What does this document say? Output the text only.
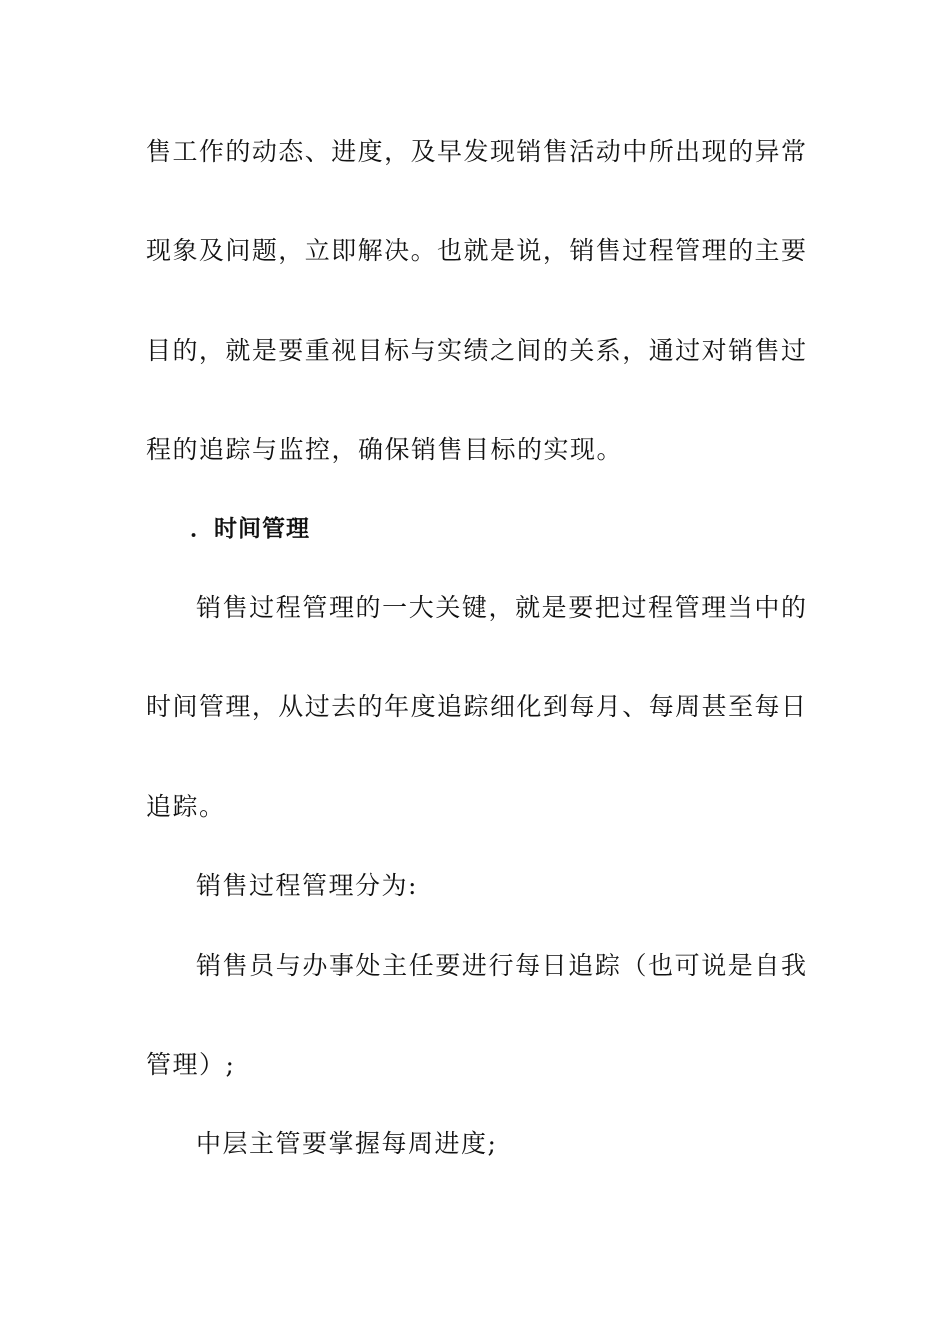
售工作的动态、进度，及早发现销售活动中所出现的异常
现象及问题，立即解决。也就是说，销售过程管理的主要
目的，就是要重视目标与实绩之间的关系，通过对销售过
程的追踪与监控，确保销售目标的实现。
．时间管理
销售过程管理的一大关键，就是要把过程管理当中的
时间管理，从过去的年度追踪细化到每月、每周甚至每日
追踪。
销售过程管理分为:
销售员与办事处主任要进行每日追踪（也可说是自我
管理）;
中层主管要掌握每周进度;
